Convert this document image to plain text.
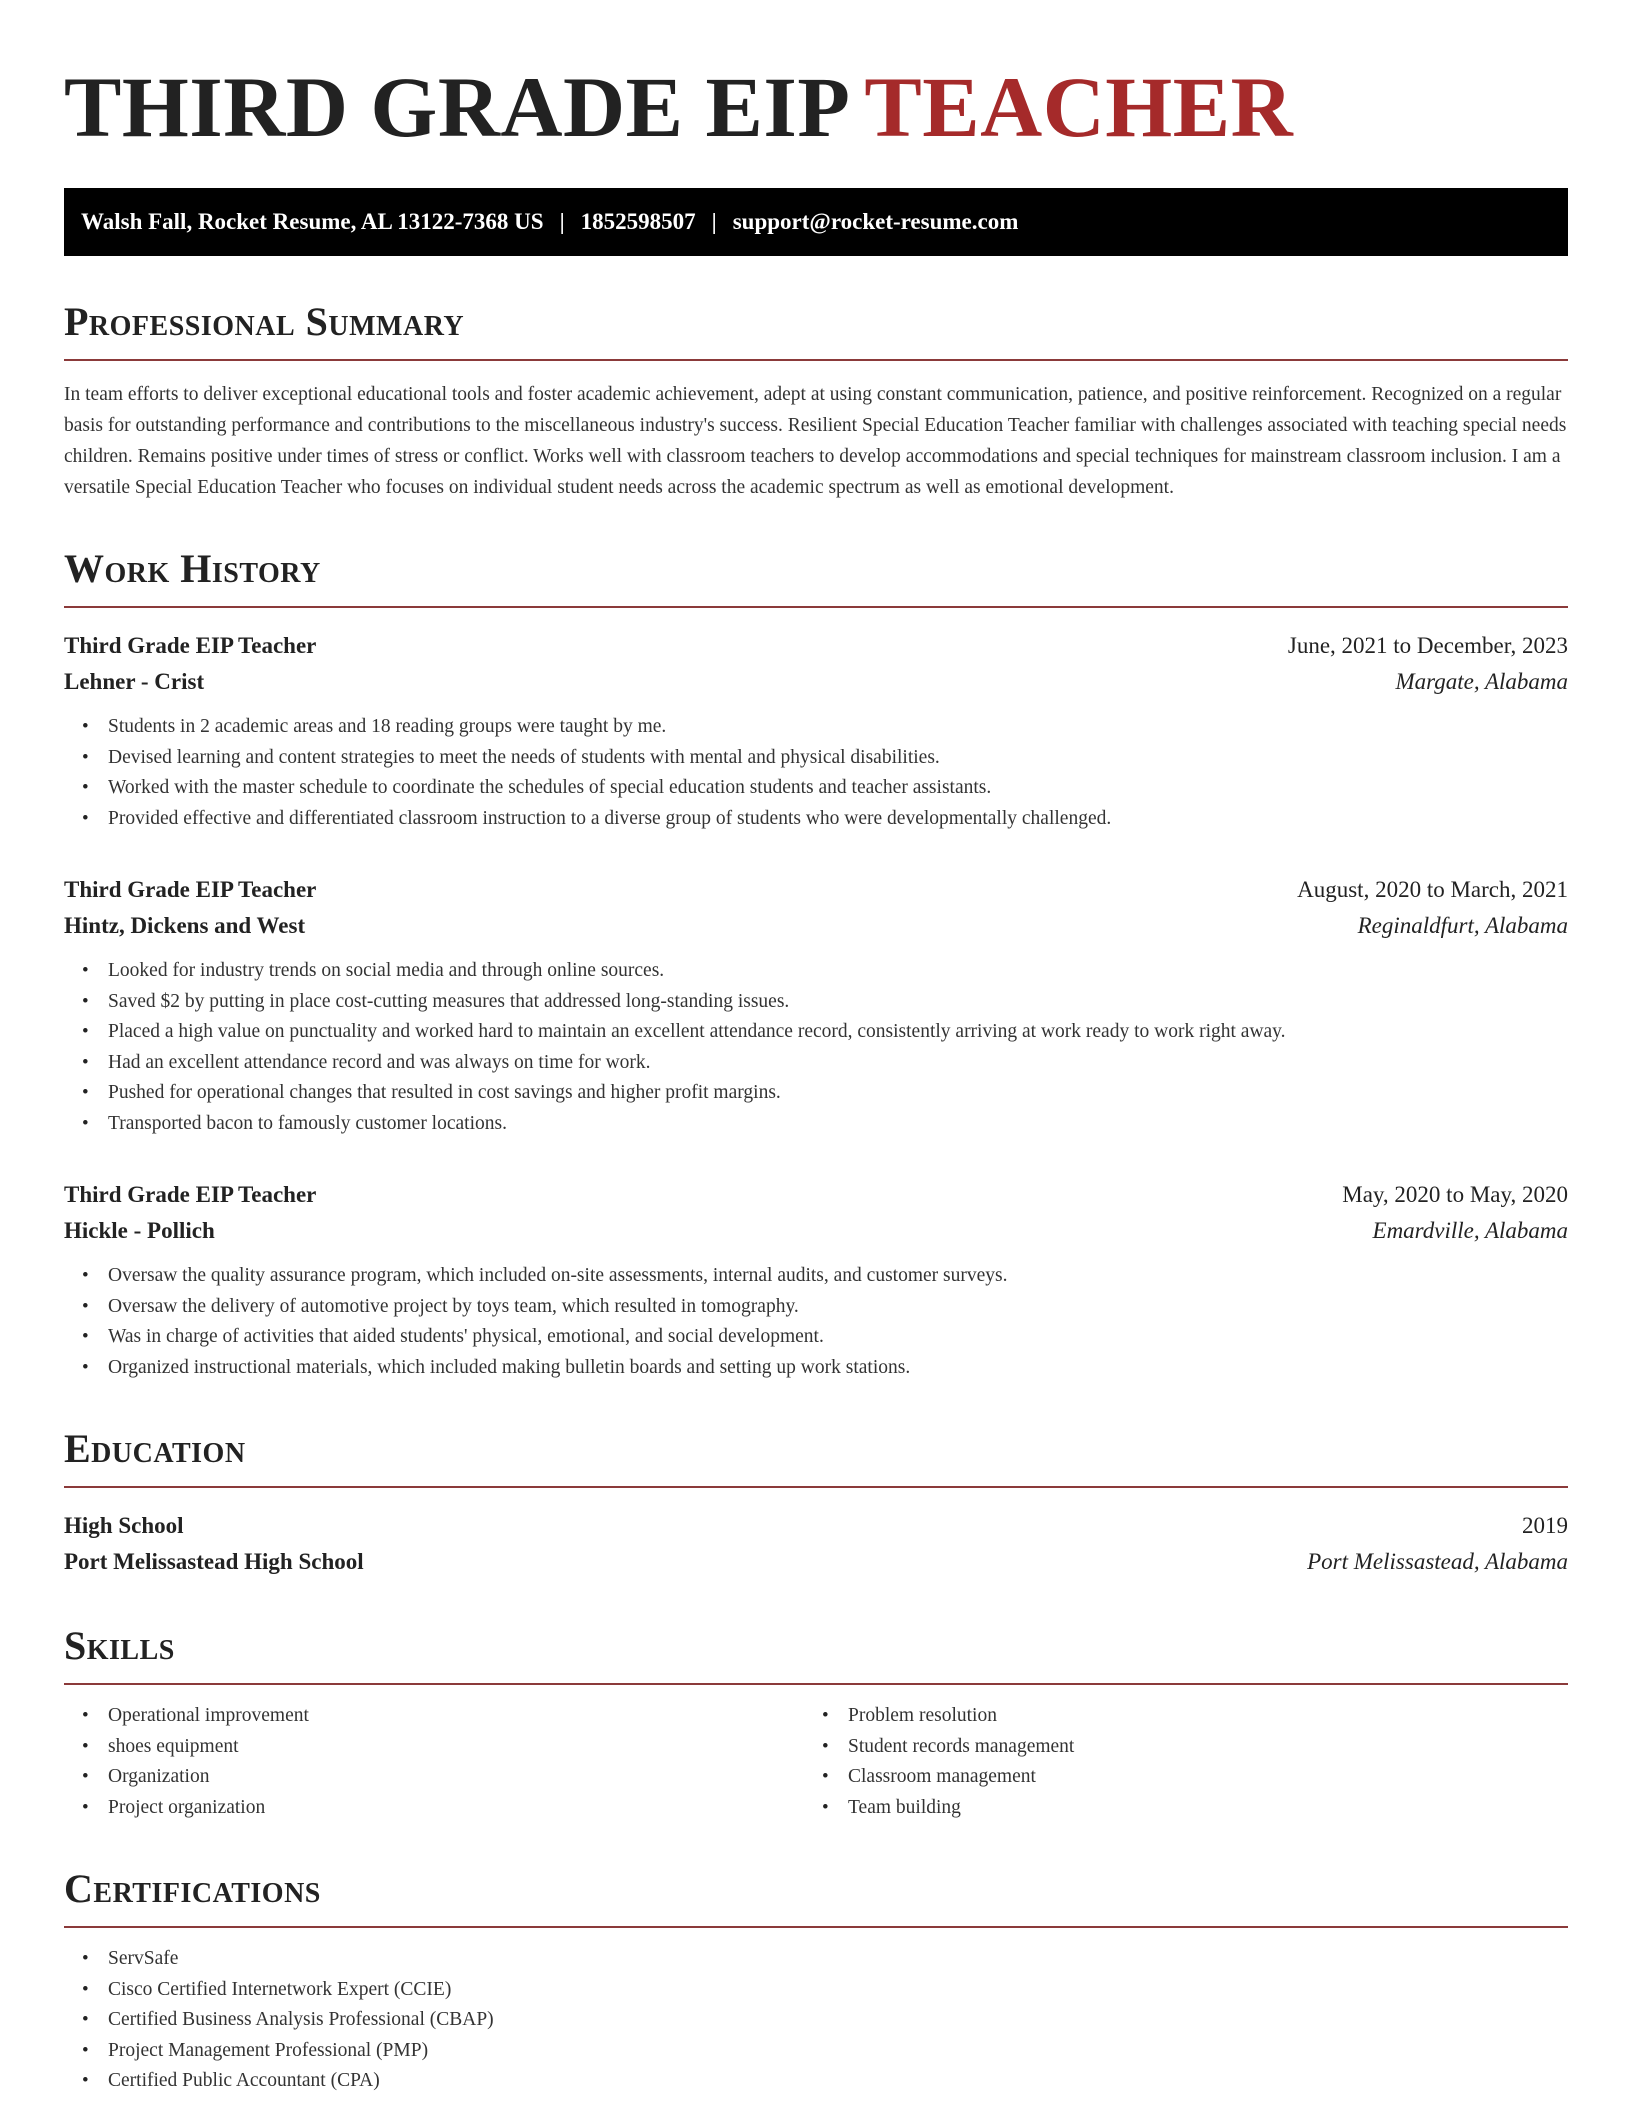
THIRD GRADE EIP TEACHER
Walsh Fall, Rocket Resume, AL 13122-7368 US | 1852598507 | support@rocket-resume.com
Professional Summary

In team efforts to deliver exceptional educational tools and foster academic achievement, adept at using constant communication, patience, and positive reinforcement. Recognized on a regular basis for outstanding performance and contributions to the miscellaneous industry's success. Resilient Special Education Teacher familiar with challenges associated with teaching special needs children. Remains positive under times of stress or conflict. Works well with classroom teachers to develop accommodations and special techniques for mainstream classroom inclusion. I am a versatile Special Education Teacher who focuses on individual student needs across the academic spectrum as well as emotional development.

Work History
Third Grade EIP Teacher	June, 2021 to December, 2023
Lehner - Crist	Margate, Alabama
• Students in 2 academic areas and 18 reading groups were taught by me.
• Devised learning and content strategies to meet the needs of students with mental and physical disabilities.
• Worked with the master schedule to coordinate the schedules of special education students and teacher assistants.
• Provided effective and differentiated classroom instruction to a diverse group of students who were developmentally challenged.
Third Grade EIP Teacher	August, 2020 to March, 2021
Hintz, Dickens and West	Reginaldfurt, Alabama
• Looked for industry trends on social media and through online sources.
• Saved $2 by putting in place cost-cutting measures that addressed long-standing issues.
• Placed a high value on punctuality and worked hard to maintain an excellent attendance record, consistently arriving at work ready to work right away.
• Had an excellent attendance record and was always on time for work.
• Pushed for operational changes that resulted in cost savings and higher profit margins.
• Transported bacon to famously customer locations.
Third Grade EIP Teacher	May, 2020 to May, 2020
Hickle - Pollich	Emardville, Alabama
• Oversaw the quality assurance program, which included on-site assessments, internal audits, and customer surveys.
• Oversaw the delivery of automotive project by toys team, which resulted in tomography.
• Was in charge of activities that aided students' physical, emotional, and social development.
• Organized instructional materials, which included making bulletin boards and setting up work stations.
Education
High School	2019
Port Melissastead High School	Port Melissastead, Alabama
Skills
• Operational improvement
• shoes equipment
• Organization
• Project organization
• Problem resolution
• Student records management
• Classroom management
• Team building
Certifications
• ServSafe
• Cisco Certified Internetwork Expert (CCIE)
• Certified Business Analysis Professional (CBAP)
• Project Management Professional (PMP)
• Certified Public Accountant (CPA)
